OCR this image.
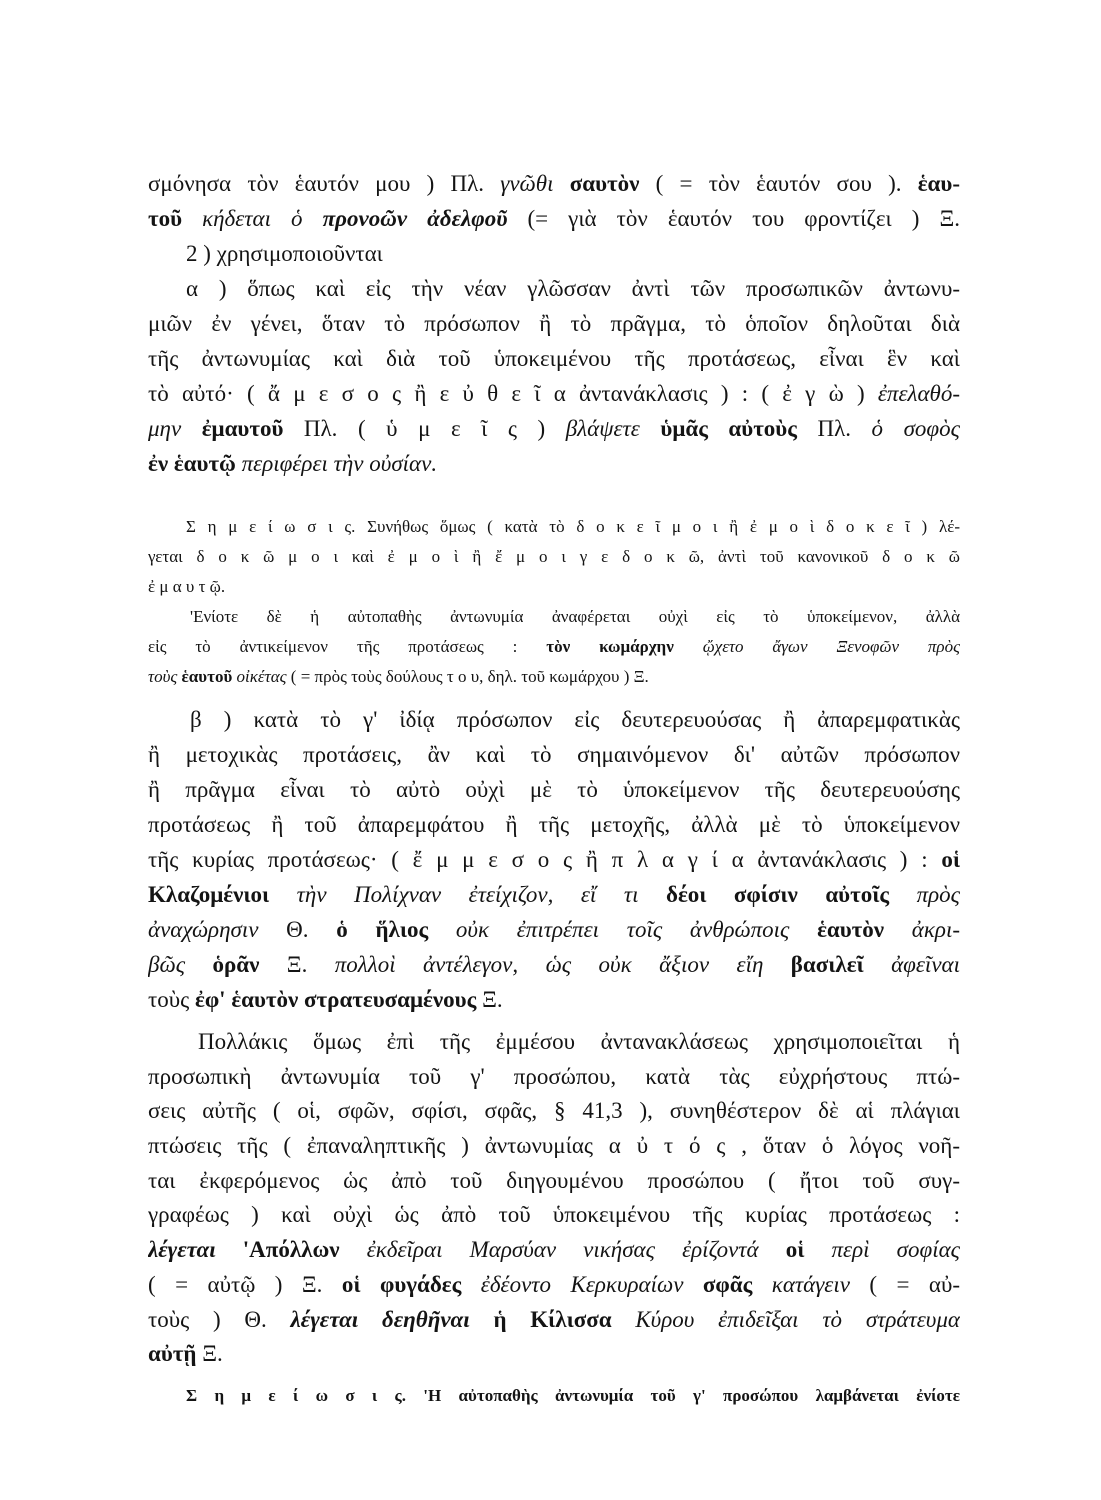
σμόνησα τὸν ἑαυτόν μου ) Πλ. γνῶθι σαυτὸν ( = τὸν ἑαυτόν σου ). ἑαυ-
τοῦ κήδεται ὁ προνοῶν ἀδελφοῦ (= γιὰ τὸν ἑαυτόν του φροντίζει ) Ξ.
2 ) χρησιμοποιοῦνται
α ) ὅπως καὶ εἰς τὴν νέαν γλῶσσαν ἀντὶ τῶν προσωπικῶν ἀντωνυ-
μιῶν ἐν γένει, ὅταν τὸ πρόσωπον ἢ τὸ πρᾶγμα, τὸ ὁποῖον δηλοῦται διὰ
τῆς ἀντωνυμίας καὶ διὰ τοῦ ὑποκειμένου τῆς προτάσεως, εἶναι ἓν καὶ
τὸ αὐτό· ( ἄ μ ε σ ο ς ἢ ε ὐ θ ε ῖ α ἀντανάκλασις ) : ( ἐ γ ὼ ) ἐπελαθό-
μην ἐμαυτοῦ Πλ. ( ὑ μ ε ῖ ς ) βλάψετε ὑμᾶς αὐτοὺς Πλ. ὁ σοφὸς
ἐν ἑαυτῷ περιφέρει τὴν οὐσίαν.
Σ η μ ε ί ω σ ι ς. Συνήθως ὅμως ( κατὰ τὸ δ ο κ ε ῖ μ ο ι ἢ ἐ μ ο ὶ δ ο κ ε ῖ ) λέ-
γεται δ ο κ ῶ μ ο ι καὶ ἐ μ ο ὶ ἢ ἔ μ ο ι γ ε δ ο κ ῶ, ἀντὶ τοῦ κανονικοῦ δ ο κ ῶ
ἐ μ α υ τ ῷ.
'Ενίοτε δὲ ἡ αὐτοπαθὴς ἀντωνυμία ἀναφέρεται οὐχὶ εἰς τὸ ὑποκείμενον, ἀλλὰ
εἰς τὸ ἀντικείμενον τῆς προτάσεως : τὸν κωμάρχην ᾤχετο ἄγων Ξενοφῶν πρὸς
τοὺς ἑαυτοῦ οἰκέτας ( = πρὸς τοὺς δούλους τ ο υ, δηλ. τοῦ κωμάρχου ) Ξ.
β ) κατὰ τὸ γ' ἰδίᾳ πρόσωπον εἰς δευτερευούσας ἢ ἀπαρεμφατικὰς
ἢ μετοχικὰς προτάσεις, ἂν καὶ τὸ σημαινόμενον δι' αὐτῶν πρόσωπον
ἢ πρᾶγμα εἶναι τὸ αὐτὸ οὐχὶ μὲ τὸ ὑποκείμενον τῆς δευτερευούσης
προτάσεως ἢ τοῦ ἀπαρεμφάτου ἢ τῆς μετοχῆς, ἀλλὰ μὲ τὸ ὑποκείμενον
τῆς κυρίας προτάσεως· ( ἔ μ μ ε σ ο ς ἢ π λ α γ ί α ἀντανάκλασις ) : οἱ
Κλαζομένιοι τὴν Πολίχναν ἐτείχιζον, εἴ τι δέοι σφίσιν αὐτοῖς πρὸς
ἀναχώρησιν Θ. ὁ ἥλιος οὐκ ἐπιτρέπει τοῖς ἀνθρώποις ἑαυτὸν ἀκρι-
βῶς ὁρᾶν Ξ. πολλοὶ ἀντέλεγον, ὡς οὐκ ἄξιον εἴη βασιλεῖ ἀφεῖναι
τοὺς ἐφ' ἑαυτὸν στρατευσαμένους Ξ.
Πολλάκις ὅμως ἐπὶ τῆς ἐμμέσου ἀντανακλάσεως χρησιμοποιεῖται ἡ
προσωπικὴ ἀντωνυμία τοῦ γ' προσώπου, κατὰ τὰς εὐχρήστους πτώ-
σεις αὐτῆς ( οἱ, σφῶν, σφίσι, σφᾶς, § 41,3 ), συνηθέστερον δὲ αἱ πλάγιαι
πτώσεις τῆς ( ἐπαναληπτικῆς ) ἀντωνυμίας α ὐ τ ό ς , ὅταν ὁ λόγος νοῆ-
ται ἐκφερόμενος ὡς ἀπὸ τοῦ διηγουμένου προσώπου ( ἤτοι τοῦ συγ-
γραφέως ) καὶ οὐχὶ ὡς ἀπὸ τοῦ ὑποκειμένου τῆς κυρίας προτάσεως :
λέγεται 'Απόλλων ἐκδεῖραι Μαρσύαν νικήσας ἐρίζοντά οἱ περὶ σοφίας
( = αὐτῷ ) Ξ. οἱ φυγάδες ἐδέοντο Κερκυραίων σφᾶς κατάγειν ( = αὐ-
τοὺς ) Θ. λέγεται δεηθῆναι ἡ Κίλισσα Κύρου ἐπιδεῖξαι τὸ στράτευμα
αὐτῇ Ξ.
Σ η μ ε ί ω σ ι ς. 'Η αὐτοπαθὴς ἀντωνυμία τοῦ γ' προσώπου λαμβάνεται ἐνίοτε
